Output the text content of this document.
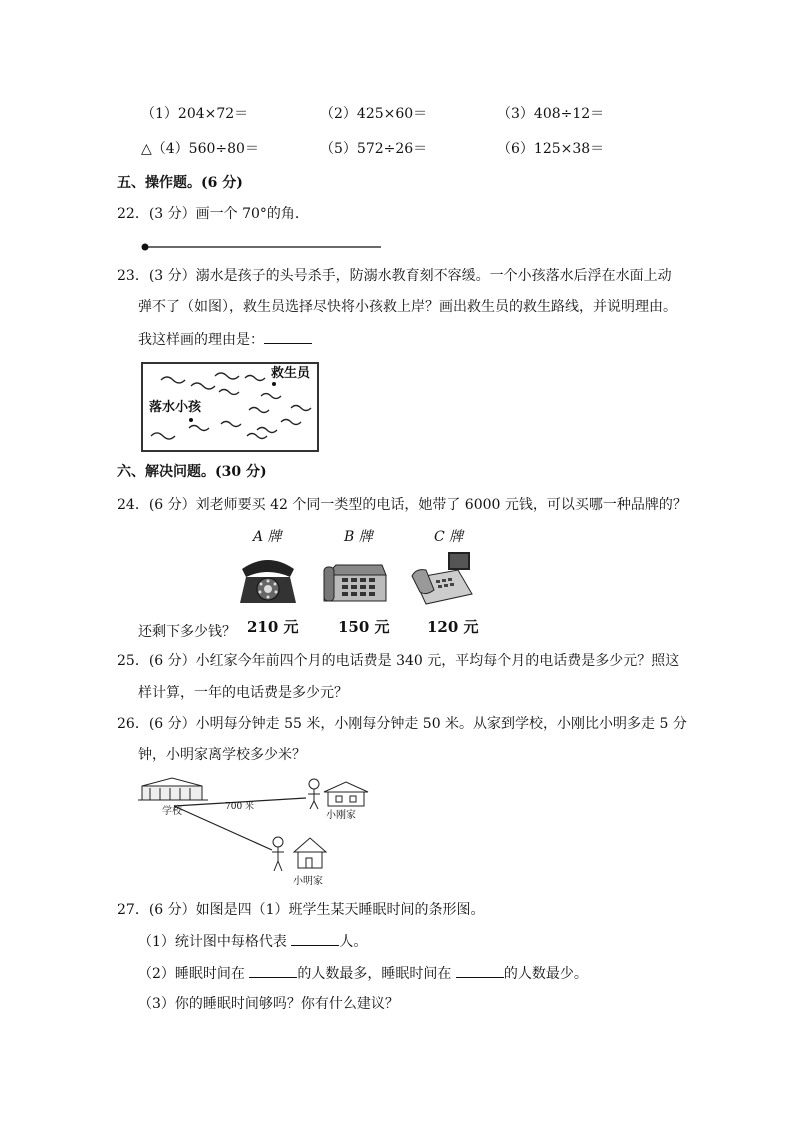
（1）204×72＝	（2）425×60＝	（3）408÷12＝
△（4）560÷80＝	（5）572÷26＝	（6）125×38＝
五、操作题。(6 分)
22．(3 分）画一个 70°的角．
23．(3 分）溺水是孩子的头号杀手，防溺水教育刻不容缓。一个小孩落水后浮在水面上动
弹不了（如图），救生员选择尽快将小孩救上岸？画出救生员的救生路线，并说明理由。
我这样画的理由是：
救生员
落水小孩
六、解决问题。(30 分)
24．(6 分）刘老师要买 42 个同一类型的电话，她带了 6000 元钱，可以买哪一种品牌的？
A 牌	B 牌	C 牌
还剩下多少钱？ 210 元	150 元 120 元
25．(6 分）小红家今年前四个月的电话费是 340 元，平均每个月的电话费是多少元？照这
样计算，一年的电话费是多少元？
26．(6 分）小明每分钟走 55 米，小刚每分钟走 50 米。从家到学校，小刚比小明多走 5 分
钟，小明家离学校多少米？
学校	700 米
小刚家
小明家
27．(6 分）如图是四（1）班学生某天睡眠时间的条形图。
（1）统计图中每格代表	人。
（2）睡眠时间在	的人数最多，睡眠时间在	的人数最少。
（3）你的睡眠时间够吗？你有什么建议？
